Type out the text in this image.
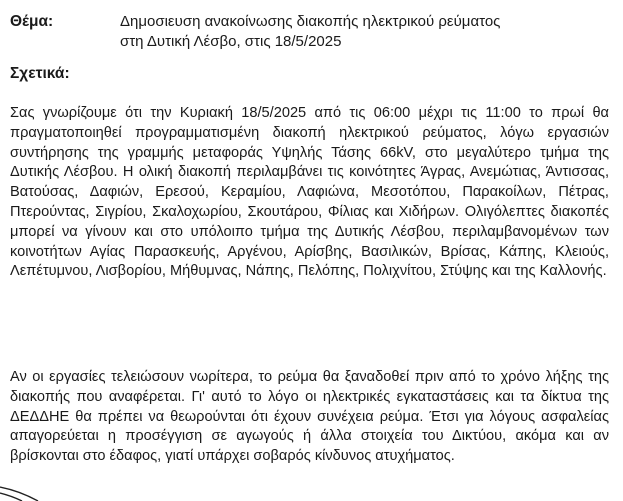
Θέμα:	Δημοσιευση ανακοίνωσης διακοπής ηλεκτρικού ρεύματος
στη Δυτική Λέσβο, στις 18/5/2025
Σχετικά:

Σας γνωρίζουμε ότι την Κυριακή 18/5/2025 από τις 06:00 μέχρι τις 11:00 το πρωί θα πραγματοποιηθεί προγραμματισμένη διακοπή ηλεκτρικού ρεύματος, λόγω εργασιών συντήρησης της γραμμής μεταφοράς Υψηλής Τάσης 66kV, στο μεγαλύτερο τμήμα της Δυτικής Λέσβου. Η ολική διακοπή περιλαμβάνει τις κοινότητες Άγρας, Ανεμώτιας, Άντισσας, Βατούσας, Δαφιών, Ερεσού, Κεραμίου, Λαφιώνα, Μεσοτόπου, Παρακοίλων, Πέτρας, Πτερούντας, Σιγρίου, Σκαλοχωρίου, Σκουτάρου, Φίλιας και Χιδήρων. Ολιγόλεπτες διακοπές μπορεί να γίνουν και στο υπόλοιπο τμήμα της Δυτικής Λέσβου, περιλαμβανομένων των κοινοτήτων Αγίας Παρασκευής, Αργένου, Αρίσβης, Βασιλικών, Βρίσας, Κάπης, Κλειούς, Λεπέτυμνου, Λισβορίου, Μήθυμνας, Νάπης, Πελόπης, Πολιχνίτου, Στύψης και της Καλλονής.

Αν οι εργασίες τελειώσουν νωρίτερα, το ρεύμα θα ξαναδοθεί πριν από το χρόνο λήξης της διακοπής που αναφέρεται. Γι' αυτό το λόγο οι ηλεκτρικές εγκαταστάσεις και τα δίκτυα της ΔΕΔΔΗΕ θα πρέπει να θεωρούνται ότι έχουν συνέχεια ρεύμα. Έτσι για λόγους ασφαλείας απαγορεύεται η προσέγγιση σε αγωγούς ή άλλα στοιχεία του Δικτύου, ακόμα και αν βρίσκονται στο έδαφος, γιατί υπάρχει σοβαρός κίνδυνος ατυχήματος.
